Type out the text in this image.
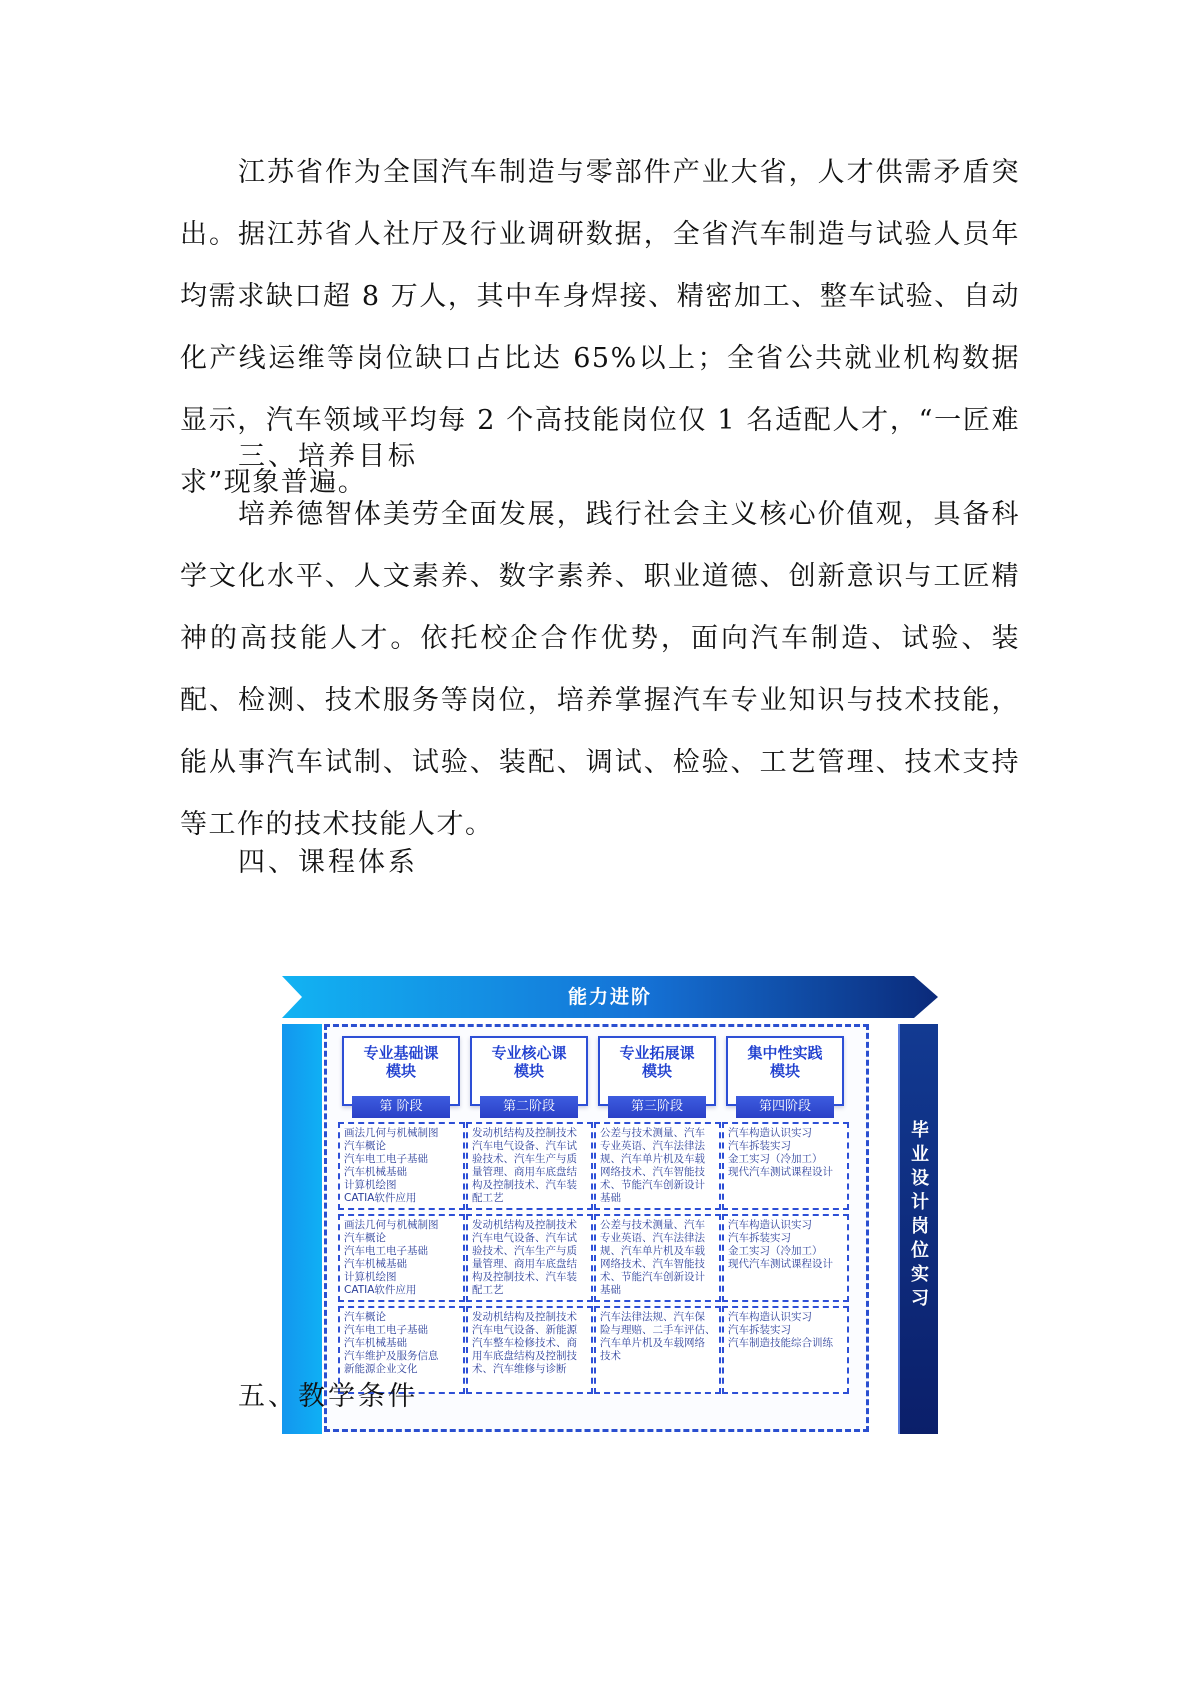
江苏省作为全国汽车制造与零部件产业大省，人才供需矛盾突出。据江苏省人社厅及行业调研数据，全省汽车制造与试验人员年均需求缺口超 8 万人，其中车身焊接、精密加工、整车试验、自动化产线运维等岗位缺口占比达 65%以上；全省公共就业机构数据显示，汽车领域平均每 2 个高技能岗位仅 1 名适配人才，“一匠难求”现象普遍。
三、培养目标
培养德智体美劳全面发展，践行社会主义核心价值观，具备科学文化水平、人文素养、数字素养、职业道德、创新意识与工匠精神的高技能人才。依托校企合作优势，面向汽车制造、试验、装配、检测、技术服务等岗位，培养掌握汽车专业知识与技术技能，能从事汽车试制、试验、装配、调试、检验、工艺管理、技术支持等工作的技术技能人才。
四、课程体系
能力进阶
毕
业
设
计
岗
位
实
习
专业基础课
模块
第 阶段
画法几何与机械制图
汽车概论
汽车电工电子基础
汽车机械基础
计算机绘图
CATIA软件应用
画法几何与机械制图
汽车概论
汽车电工电子基础
汽车机械基础
计算机绘图
CATIA软件应用
汽车概论
汽车电工电子基础
汽车机械基础
汽车维护及服务信息
新能源企业文化
专业核心课
模块
第二阶段
发动机结构及控制技术
汽车电气设备、汽车试
验技术、汽车生产与质
量管理、商用车底盘结
构及控制技术、汽车装
配工艺
发动机结构及控制技术
汽车电气设备、汽车试
验技术、汽车生产与质
量管理、商用车底盘结
构及控制技术、汽车装
配工艺
发动机结构及控制技术
汽车电气设备、新能源
汽车整车检修技术、商
用车底盘结构及控制技
术、汽车维修与诊断
专业拓展课
模块
第三阶段
公差与技术测量、汽车
专业英语、汽车法律法
规、汽车单片机及车载
网络技术、汽车智能技
术、节能汽车创新设计
基础
公差与技术测量、汽车
专业英语、汽车法律法
规、汽车单片机及车载
网络技术、汽车智能技
术、节能汽车创新设计
基础
汽车法律法规、汽车保
险与理赔、二手车评估、
汽车单片机及车载网络
技术
集中性实践
模块
第四阶段
汽车构造认识实习
汽车拆装实习
金工实习（冷加工）
现代汽车测试课程设计
汽车构造认识实习
汽车拆装实习
金工实习（冷加工）
现代汽车测试课程设计
汽车构造认识实习
汽车拆装实习
汽车制造技能综合训练
五、教学条件
